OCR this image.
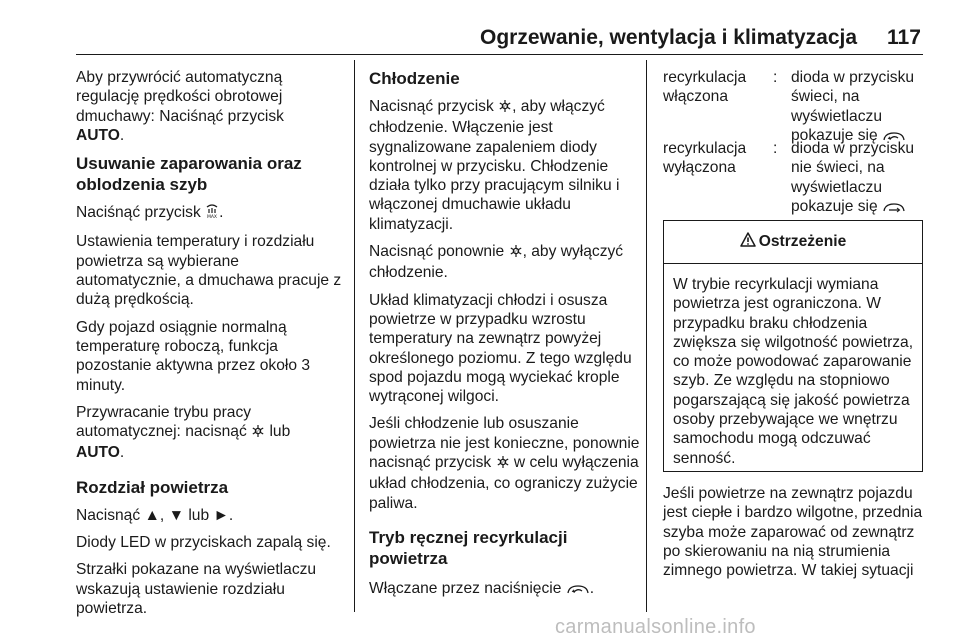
Ogrzewanie, wentylacja i klimatyzacja 117

Aby przywrócić automatyczną regulację prędkości obrotowej dmuchawy: Naciśnąć przycisk
AUTO.

Usuwanie zaparowania oraz oblodzenia szyb

Naciśnąć przycisk MAX .

Ustawienia temperatury i rozdziału powietrza są wybierane automatycznie, a dmuchawa pracuje z dużą prędkością.

Gdy pojazd osiągnie normalną temperaturę roboczą, funkcja pozostanie aktywna przez około 3 minuty.

Przywracanie trybu pracy automatycznej: nacisnąć A/C lub
AUTO.

Rozdział powietrza

Nacisnąć ▲, ▼ lub ►.

Diody LED w przyciskach zapalą się.

Strzałki pokazane na wyświetlaczu wskazują ustawienie rozdziału powietrza.

Chłodzenie

Nacisnąć przycisk A/C , aby włączyć chłodzenie. Włączenie jest sygnalizowane zapaleniem diody kontrolnej w przycisku. Chłodzenie działa tylko przy pracującym silniku i włączonej dmuchawie układu klimatyzacji.

Nacisnąć ponownie A/C , aby wyłączyć chłodzenie.

Układ klimatyzacji chłodzi i osusza powietrze w przypadku wzrostu temperatury na zewnątrz powyżej określonego poziomu. Z tego względu spod pojazdu mogą wyciekać krople wytrąconej wilgoci.

Jeśli chłodzenie lub osuszanie powietrza nie jest konieczne, ponownie nacisnąć przycisk A/C w celu wyłączenia układ chłodzenia, co ograniczy zużycie paliwa.

Tryb ręcznej recyrkulacji powietrza

Włączane przez naciśnięcie .

recyrkulacja włączona
: dioda w przycisku świeci, na wyświetlaczu pokazuje się
recyrkulacja wyłączona
: dioda w przycisku nie świeci, na wyświetlaczu pokazuje się
Ostrzeżenie
W trybie recyrkulacji wymiana powietrza jest ograniczona. W przypadku braku chłodzenia zwiększa się wilgotność powietrza, co może powodować zaparowanie szyb. Ze względu na stopniowo pogarszającą się jakość powietrza osoby przebywające we wnętrzu samochodu mogą odczuwać senność.

Jeśli powietrze na zewnątrz pojazdu jest ciepłe i bardzo wilgotne, przednia szyba może zaparować od zewnątrz po skierowaniu na nią strumienia zimnego powietrza. W takiej sytuacji

carmanualsonline.info
